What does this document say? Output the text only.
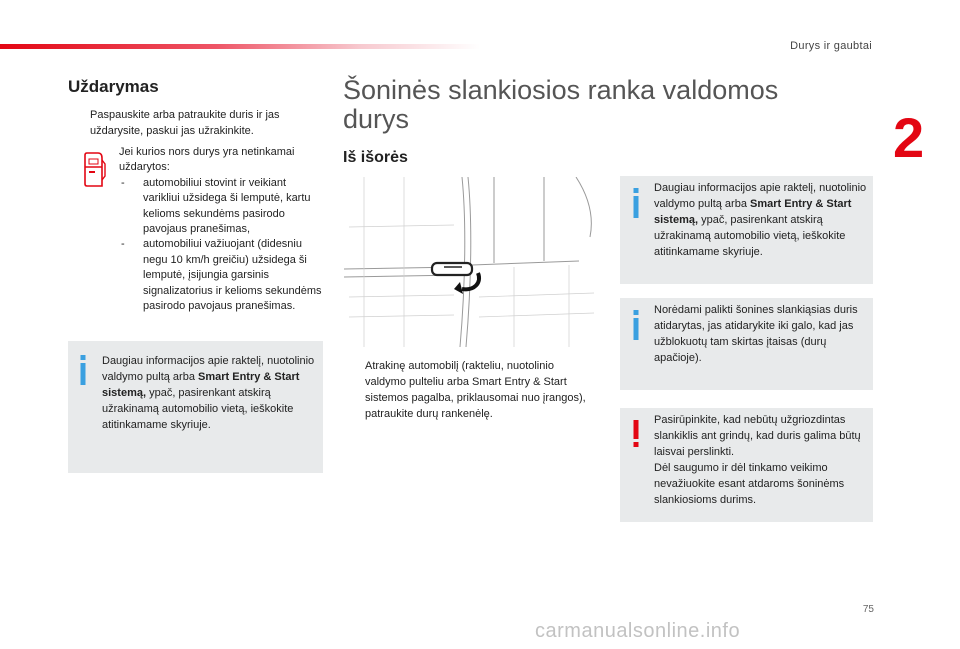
Durys ir gaubtai
2
Uždarymas
Paspauskite arba patraukite duris ir jas uždarysite, paskui jas užrakinkite.
Jei kurios nors durys yra netinkamai uždarytos:
- automobiliui stovint ir veikiant varikliui užsidega ši lemputė, kartu kelioms sekundėms pasirodo pavojaus pranešimas,
- automobiliui važiuojant (didesniu negu 10 km/h greičiu) užsidega ši lemputė, įsijungia garsinis signalizatorius ir kelioms sekundėms pasirodo pavojaus pranešimas.
Daugiau informacijos apie raktelį, nuotolinio valdymo pultą arba Smart Entry & Start sistemą, ypač, pasirenkant atskirą užrakinamą automobilio vietą, ieškokite atitinkamame skyriuje.
Šoninės slankiosios ranka valdomos durys
Iš išorės
Atrakinę automobilį (rakteliu, nuotolinio valdymo pulteliu arba Smart Entry & Start sistemos pagalba, priklausomai nuo įrangos), patraukite durų rankenėlę.
Daugiau informacijos apie raktelį, nuotolinio valdymo pultą arba Smart Entry & Start sistemą, ypač, pasirenkant atskirą užrakinamą automobilio vietą, ieškokite atitinkamame skyriuje.
Norėdami palikti šonines slankiąsias duris atidarytas, jas atidarykite iki galo, kad jas užblokuotų tam skirtas įtaisas (durų apačioje).
Pasirūpinkite, kad nebūtų užgriozdintas slankiklis ant grindų, kad duris galima būtų laisvai perslinkti.
Dėl saugumo ir dėl tinkamo veikimo nevažiuokite esant atdaroms šoninėms slankiosioms durims.
75
carmanualsonline.info
